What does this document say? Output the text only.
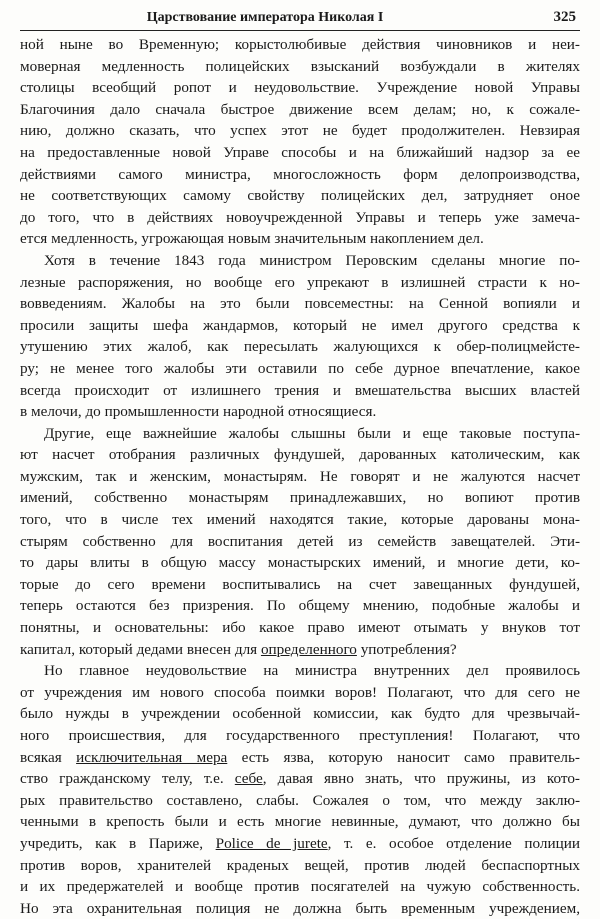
Царствование императора Николая I	325
ной ныне во Временную; корыстолюбивые действия чиновников и неи-
моверная медленность полицейских взысканий возбуждали в жителях
столицы всеобщий ропот и неудовольствие. Учреждение новой Управы
Благочиния дало сначала быстрое движение всем делам; но, к сожале-
нию, должно сказать, что успех этот не будет продолжителен. Невзирая
на предоставленные новой Управе способы и на ближайший надзор за ее
действиями самого министра, многосложность форм делопроизводства,
не соответствующих самому свойству полицейских дел, затрудняет оное
до того, что в действиях новоучрежденной Управы и теперь уже замеча-
ется медленность, угрожающая новым значительным накоплением дел.
Хотя в течение 1843 года министром Перовским сделаны многие по-
лезные распоряжения, но вообще его упрекают в излишней страсти к но-
вовведениям. Жалобы на это были повсеместны: на Сенной вопияли и
просили защиты шефа жандармов, который не имел другого средства к
утушению этих жалоб, как пересылать жалующихся к обер-полицмейсте-
ру; не менее того жалобы эти оставили по себе дурное впечатление, какое
всегда происходит от излишнего трения и вмешательства высших властей
в мелочи, до промышленности народной относящиеся.
Другие, еще важнейшие жалобы слышны были и еще таковые поступа-
ют насчет отобрания различных фундушей, дарованных католическим, как
мужским, так и женским, монастырям. Не говорят и не жалуются насчет
имений, собственно монастырям принадлежавших, но вопиют против
того, что в числе тех имений находятся такие, которые дарованы мона-
стырям собственно для воспитания детей из семейств завещателей. Эти-
то дары влиты в общую массу монастырских имений, и многие дети, ко-
торые до сего времени воспитывались на счет завещанных фундушей,
теперь остаются без призрения. По общему мнению, подобные жалобы и
понятны, и основательны: ибо какое право имеют отымать у внуков тот
капитал, который дедами внесен для определенного употребления?
Но главное неудовольствие на министра внутренних дел проявилось
от учреждения им нового способа поимки воров! Полагают, что для сего не
было нужды в учреждении особенной комиссии, как будто для чрезвычай-
ного происшествия, для государственного преступления! Полагают, что
всякая исключительная мера есть язва, которую наносит само правитель-
ство гражданскому телу, т.е. себе, давая явно знать, что пружины, из кото-
рых правительство составлено, слабы. Сожалея о том, что между заклю-
ченными в крепость были и есть многие невинные, думают, что должно бы
учредить, как в Париже, Police de jurete, т. е. особое отделение полиции
против воров, хранителей краденых вещей, против людей беспаспортных
и их предержателей и вообще против посягателей на чужую собственность.
Но эта охранительная полиция не должна быть временным учреждением,
